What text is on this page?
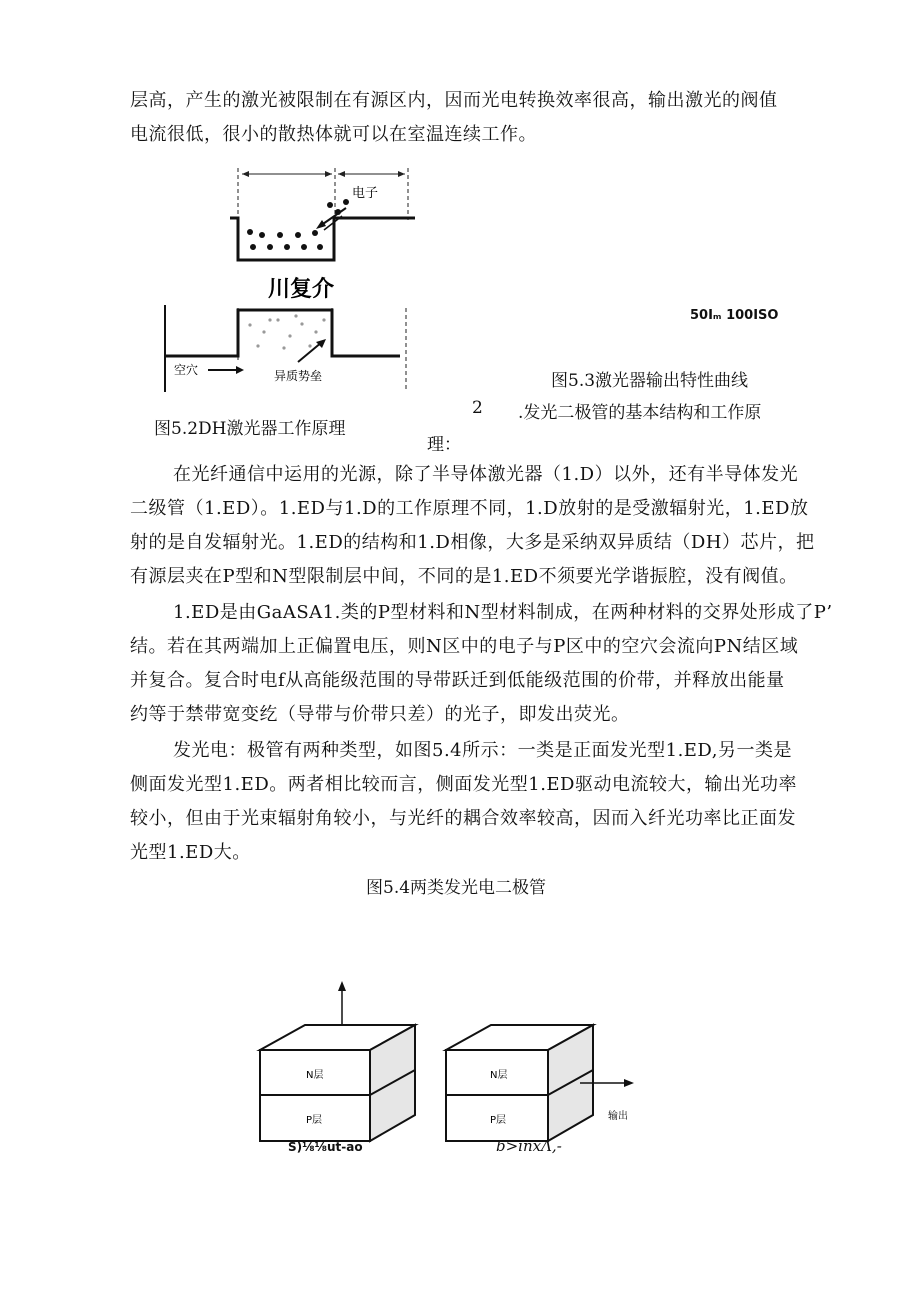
层高，产生的激光被限制在有源区内，因而光电转换效率很高，输出激光的阀值
电流很低，很小的散热体就可以在室温连续工作。
电子
川复介
空穴	异质势垒
图5.2DH激光器工作原理
50Iₘ 100ISO
图5.3激光器输出特性曲线
2 .发光二极管的基本结构和工作原
理：
在光纤通信中运用的光源，除了半导体激光器（1.D）以外，还有半导体发光
二级管（1.ED）。1.ED与1.D的工作原理不同，1.D放射的是受激辐射光，1.ED放
射的是自发辐射光。1.ED的结构和1.D相像，大多是采纳双异质结（DH）芯片，把
有源层夹在P型和N型限制层中间，不同的是1.ED不须要光学谐振腔，没有阀值。
1.ED是由GaASA1.类的P型材料和N型材料制成，在两种材料的交界处形成了P’
结。若在其两端加上正偏置电压，则N区中的电子与P区中的空穴会流向PN结区域
并复合。复合时电f从高能级范围的导带跃迁到低能级范围的价带，并释放出能量
约等于禁带宽变纥（导带与价带只差）的光子，即发出荧光。
发光电：极管有两种类型，如图5.4所示：一类是正面发光型1.ED,另一类是
侧面发光型1.ED。两者相比较而言，侧面发光型1.ED驱动电流较大，输出光功率
较小，但由于光束辐射角较小，与光纤的耦合效率较高，因而入纤光功率比正面发
光型1.ED大。
图5.4两类发光电二极管
N层
P层
N层
P层	输出
S)⅛⅛ut-ao	b>inxΛ,-
